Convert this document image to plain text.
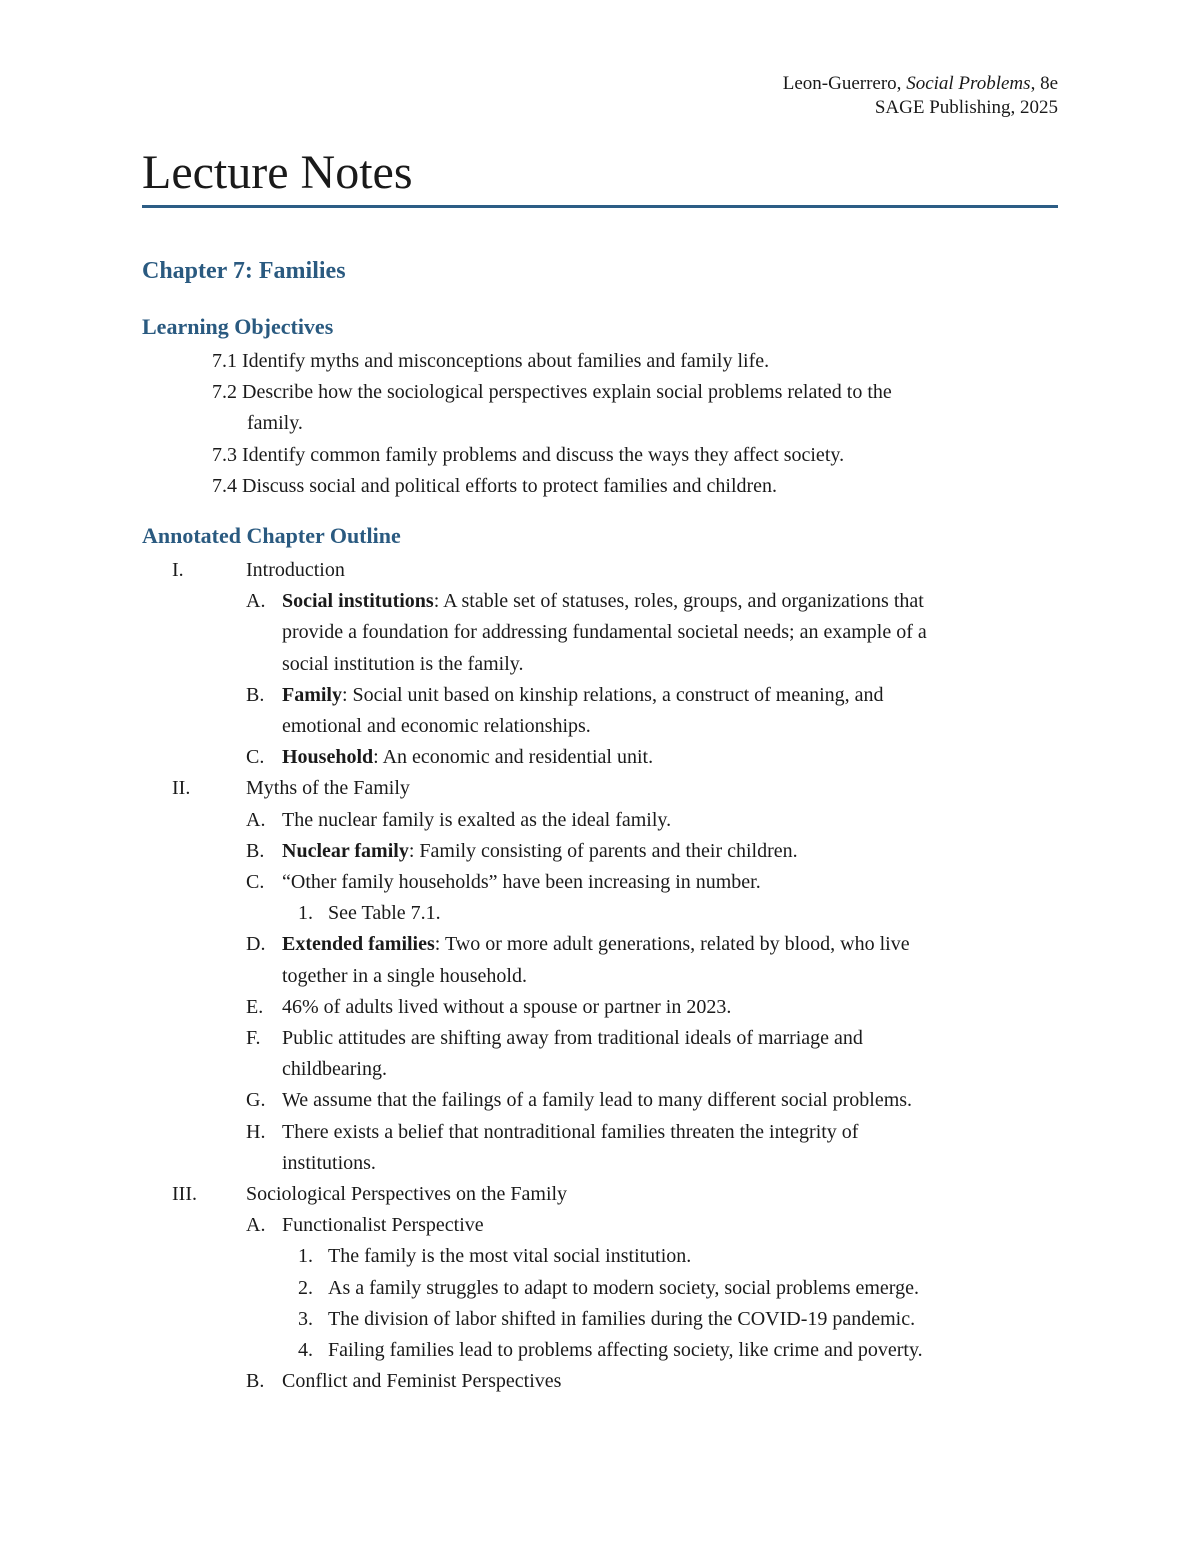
Leon-Guerrero, Social Problems, 8e
SAGE Publishing, 2025
Lecture Notes
Chapter 7: Families
Learning Objectives
Annotated Chapter Outline
7.1 Identify myths and misconceptions about families and family life.
7.2 Describe how the sociological perspectives explain social problems related to the
family.
7.3 Identify common family problems and discuss the ways they affect society.
7.4 Discuss social and political efforts to protect families and children.
I.	Introduction
A. Social institutions: A stable set of statuses, roles, groups, and organizations that
provide a foundation for addressing fundamental societal needs; an example of a
social institution is the family.
B. Family: Social unit based on kinship relations, a construct of meaning, and
emotional and economic relationships.
C. Household: An economic and residential unit.
II.	Myths of the Family
A. The nuclear family is exalted as the ideal family.
B. Nuclear family: Family consisting of parents and their children.
C. “Other family households” have been increasing in number.
1. See Table 7.1.
D. Extended families: Two or more adult generations, related by blood, who live
together in a single household.
E. 46% of adults lived without a spouse or partner in 2023.
F. Public attitudes are shifting away from traditional ideals of marriage and
childbearing.
G. We assume that the failings of a family lead to many different social problems.
H. There exists a belief that nontraditional families threaten the integrity of
institutions.
III. Sociological Perspectives on the Family
A. Functionalist Perspective
1. The family is the most vital social institution.
2. As a family struggles to adapt to modern society, social problems emerge.
3. The division of labor shifted in families during the COVID-19 pandemic.
4. Failing families lead to problems affecting society, like crime and poverty.
B. Conflict and Feminist Perspectives
